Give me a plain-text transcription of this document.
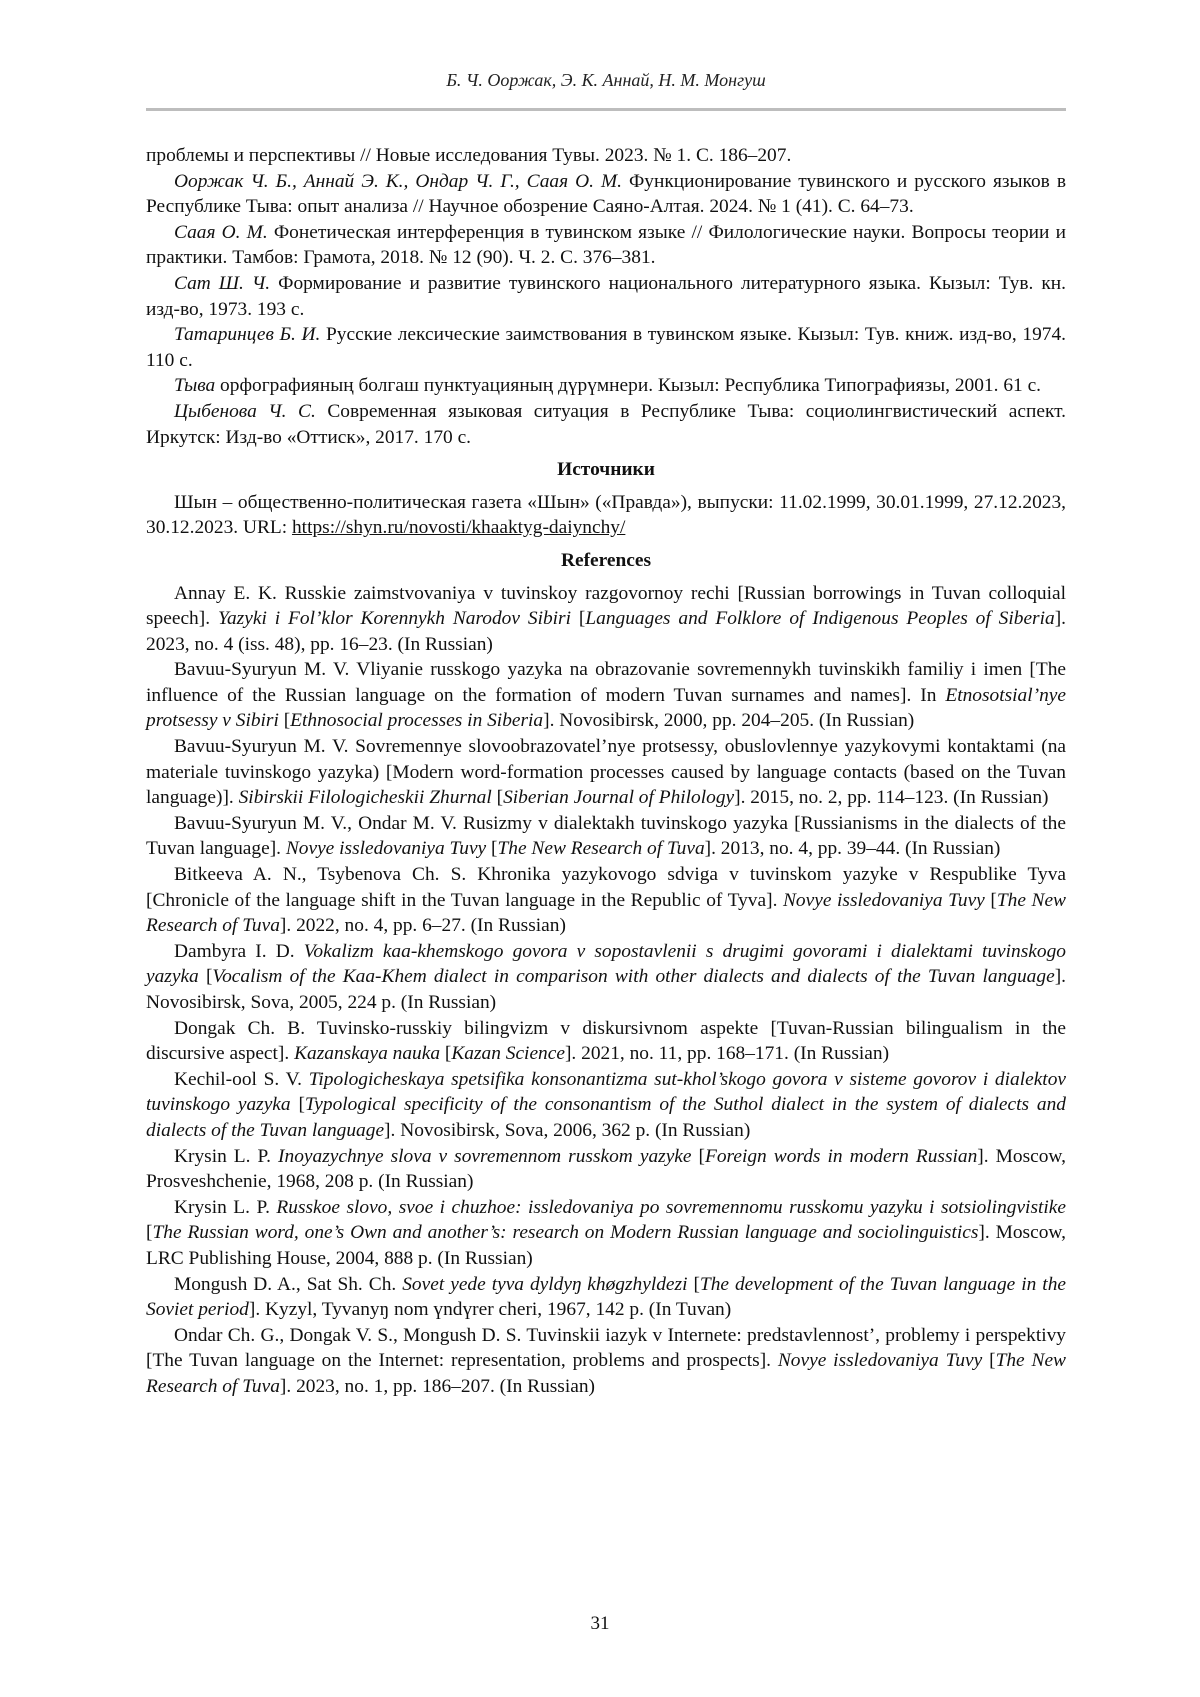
Б. Ч. Ооржак, Э. К. Аннай, Н. М. Монгуш

проблемы и перспективы // Новые исследования Тувы. 2023. № 1. С. 186–207.

Ооржак Ч. Б., Аннай Э. К., Ондар Ч. Г., Саая О. М. Функционирование тувинского и русского языков в Республике Тыва: опыт анализа // Научное обозрение Саяно-Алтая. 2024. № 1 (41). С. 64–73.

Саая О. М. Фонетическая интерференция в тувинском языке // Филологические науки. Вопросы теории и практики. Тамбов: Грамота, 2018. № 12 (90). Ч. 2. С. 376–381.

Сат Ш. Ч. Формирование и развитие тувинского национального литературного языка. Кызыл: Тув. кн. изд-во, 1973. 193 с.

Татаринцев Б. И. Русские лексические заимствования в тувинском языке. Кызыл: Тув. книж. изд-во, 1974. 110 с.

Тыва орфографияның болгаш пунктуацияның дүрүмнери. Кызыл: Республика Типографиязы, 2001. 61 с.

Цыбенова Ч. С. Современная языковая ситуация в Республике Тыва: социолингвистический аспект. Иркутск: Изд-во «Оттиск», 2017. 170 с.

Источники

Шын – общественно-политическая газета «Шын» («Правда»), выпуски: 11.02.1999, 30.01.1999, 27.12.2023, 30.12.2023. URL: https://shyn.ru/novosti/khaaktyg-daiynchy/

References

Annay E. K. Russkie zaimstvovaniya v tuvinskoy razgovornoy rechi [Russian borrowings in Tuvan colloquial speech]. Yazyki i Fol’klor Korennykh Narodov Sibiri [Languages and Folklore of Indigenous Peoples of Siberia]. 2023, no. 4 (iss. 48), pp. 16–23. (In Russian)

Bavuu-Syuryun M. V. Vliyanie russkogo yazyka na obrazovanie sovremennykh tuvinskikh familiy i imen [The influence of the Russian language on the formation of modern Tuvan surnames and names]. In Etnosotsial’nye protsessy v Sibiri [Ethnosocial processes in Siberia]. Novosibirsk, 2000, pp. 204–205. (In Russian)

Bavuu-Syuryun M. V. Sovremennye slovoobrazovatel’nye protsessy, obuslovlennye yazykovymi kontaktami (na materiale tuvinskogo yazyka) [Modern word-formation processes caused by language contacts (based on the Tuvan language)]. Sibirskii Filologicheskii Zhurnal [Siberian Journal of Philology]. 2015, no. 2, pp. 114–123. (In Russian)

Bavuu-Syuryun M. V., Ondar M. V. Rusizmy v dialektakh tuvinskogo yazyka [Russianisms in the dialects of the Tuvan language]. Novye issledovaniya Tuvy [The New Research of Tuva]. 2013, no. 4, pp. 39–44. (In Russian)

Bitkeeva A. N., Tsybenova Ch. S. Khronika yazykovogo sdviga v tuvinskom yazyke v Respublike Tyva [Chronicle of the language shift in the Tuvan language in the Republic of Tyva]. Novye issledovaniya Tuvy [The New Research of Tuva]. 2022, no. 4, pp. 6–27. (In Russian)

Dambyra I. D. Vokalizm kaa-khemskogo govora v sopostavlenii s drugimi govorami i dialektami tuvinskogo yazyka [Vocalism of the Kaa-Khem dialect in comparison with other dialects and dialects of the Tuvan language]. Novosibirsk, Sova, 2005, 224 p. (In Russian)

Dongak Ch. B. Tuvinsko-russkiy bilingvizm v diskursivnom aspekte [Tuvan-Russian bilingualism in the discursive aspect]. Kazanskaya nauka [Kazan Science]. 2021, no. 11, pp. 168–171. (In Russian)

Kechil-ool S. V. Tipologicheskaya spetsifika konsonantizma sut-khol’skogo govora v sisteme govorov i dialektov tuvinskogo yazyka [Typological specificity of the consonantism of the Suthol dialect in the system of dialects and dialects of the Tuvan language]. Novosibirsk, Sova, 2006, 362 p. (In Russian)

Krysin L. P. Inoyazychnye slova v sovremennom russkom yazyke [Foreign words in modern Russian]. Moscow, Prosveshchenie, 1968, 208 p. (In Russian)

Krysin L. P. Russkoe slovo, svoe i chuzhoe: issledovaniya po sovremennomu russkomu yazyku i sotsiolingvistike [The Russian word, one’s Own and another’s: research on Modern Russian language and sociolinguistics]. Moscow, LRC Publishing House, 2004, 888 p. (In Russian)

Mongush D. A., Sat Sh. Ch. Sovet yede tyva dyldyŋ khøgzhyldezi [The development of the Tuvan language in the Soviet period]. Kyzyl, Tyvanyŋ nom үndүrer cheri, 1967, 142 p. (In Tuvan)

Ondar Ch. G., Dongak V. S., Mongush D. S. Tuvinskii iazyk v Internete: predstavlennost’, problemy i perspektivy [The Tuvan language on the Internet: representation, problems and prospects]. Novye issledovaniya Tuvy [The New Research of Tuva]. 2023, no. 1, pp. 186–207. (In Russian)

31
